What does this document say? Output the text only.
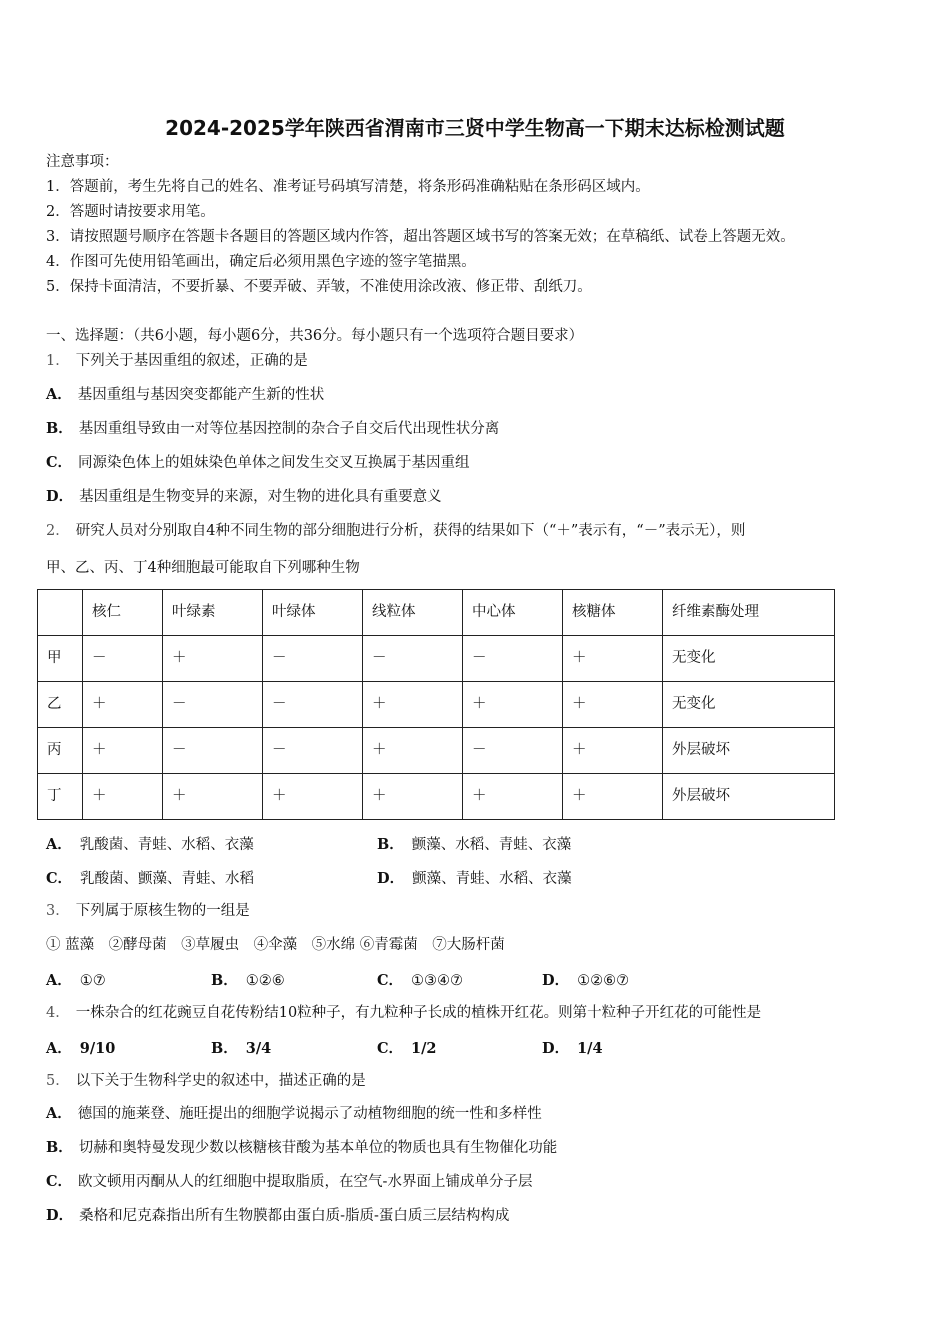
2024-2025学年陕西省渭南市三贤中学生物高一下期末达标检测试题
注意事项：
1．答题前，考生先将自己的姓名、准考证号码填写清楚，将条形码准确粘贴在条形码区域内。
2．答题时请按要求用笔。
3．请按照题号顺序在答题卡各题目的答题区域内作答，超出答题区域书写的答案无效；在草稿纸、试卷上答题无效。
4．作图可先使用铅笔画出，确定后必须用黑色字迹的签字笔描黑。
5．保持卡面清洁，不要折暴、不要弄破、弄皱，不准使用涂改液、修正带、刮纸刀。
一、选择题：（共6小题，每小题6分，共36分。每小题只有一个选项符合题目要求）
1． 下列关于基因重组的叙述，正确的是
A． 基因重组与基因突变都能产生新的性状
B． 基因重组导致由一对等位基因控制的杂合子自交后代出现性状分离
C． 同源染色体上的姐妹染色单体之间发生交叉互换属于基因重组
D． 基因重组是生物变异的来源，对生物的进化具有重要意义
2． 研究人员对分别取自4种不同生物的部分细胞进行分析，获得的结果如下（“＋”表示有，“－”表示无），则
甲、乙、丙、丁4种细胞最可能取自下列哪种生物
	核仁	叶绿素	叶绿体	线粒体	中心体	核糖体	纤维素酶处理
甲	－	＋	－	－	－	＋	无变化
乙	＋	－	－	＋	＋	＋	无变化
丙	＋	－	－	＋	－	＋	外层破坏
丁	＋	＋	＋	＋	＋	＋	外层破坏
A． 乳酸菌、青蛙、水稻、衣藻	B． 颤藻、水稻、青蛙、衣藻
C． 乳酸菌、颤藻、青蛙、水稻	D． 颤藻、青蛙、水稻、衣藻
3． 下列属于原核生物的一组是
① 蓝藻　②酵母菌　③草履虫　④伞藻　⑤水绵 ⑥青霉菌　⑦大肠杆菌
A． ①⑦	B． ①②⑥	C． ①③④⑦	D． ①②⑥⑦
4． 一株杂合的红花豌豆自花传粉结10粒种子，有九粒种子长成的植株开红花。则第十粒种子开红花的可能性是
A． 9/10	B． 3/4	C． 1/2	D． 1/4
5． 以下关于生物科学史的叙述中，描述正确的是
A． 德国的施莱登、施旺提出的细胞学说揭示了动植物细胞的统一性和多样性
B． 切赫和奥特曼发现少数以核糖核苷酸为基本单位的物质也具有生物催化功能
C． 欧文顿用丙酮从人的红细胞中提取脂质，在空气-水界面上铺成单分子层
D． 桑格和尼克森指出所有生物膜都由蛋白质-脂质-蛋白质三层结构构成
